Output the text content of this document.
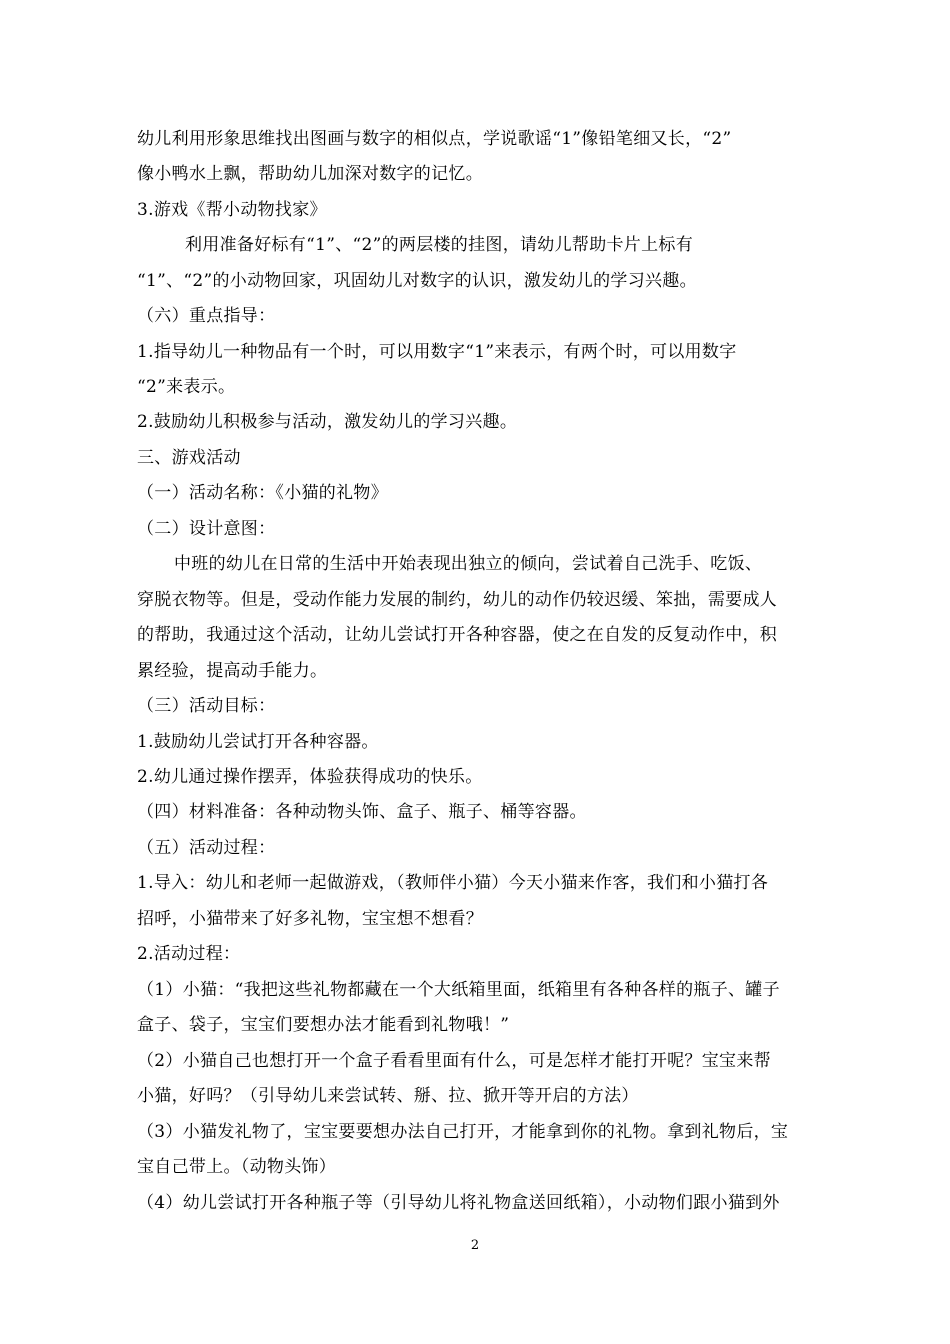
幼儿利用形象思维找出图画与数字的相似点，学说歌谣“1”像铅笔细又长，“2”
像小鸭水上飘，帮助幼儿加深对数字的记忆。
3.游戏《帮小动物找家》
利用准备好标有“1”、“2”的两层楼的挂图，请幼儿帮助卡片上标有
“1”、“2”的小动物回家，巩固幼儿对数字的认识，激发幼儿的学习兴趣。
（六）重点指导：
1.指导幼儿一种物品有一个时，可以用数字“1”来表示，有两个时，可以用数字
“2”来表示。
2.鼓励幼儿积极参与活动，激发幼儿的学习兴趣。
三、游戏活动
（一）活动名称：《小猫的礼物》
（二）设计意图：
中班的幼儿在日常的生活中开始表现出独立的倾向，尝试着自己洗手、吃饭、
穿脱衣物等。但是，受动作能力发展的制约，幼儿的动作仍较迟缓、笨拙，需要成人
的帮助，我通过这个活动，让幼儿尝试打开各种容器，使之在自发的反复动作中，积
累经验，提高动手能力。
（三）活动目标：
1.鼓励幼儿尝试打开各种容器。
2.幼儿通过操作摆弄，体验获得成功的快乐。
（四）材料准备：各种动物头饰、盒子、瓶子、桶等容器。
（五）活动过程：
1.导入：幼儿和老师一起做游戏，（教师伴小猫）今天小猫来作客，我们和小猫打各
招呼，小猫带来了好多礼物，宝宝想不想看？
2.活动过程：
（1）小猫：“我把这些礼物都藏在一个大纸箱里面，纸箱里有各种各样的瓶子、罐子
盒子、袋子，宝宝们要想办法才能看到礼物哦！”
（2）小猫自己也想打开一个盒子看看里面有什么，可是怎样才能打开呢？宝宝来帮
小猫，好吗？（引导幼儿来尝试转、掰、拉、掀开等开启的方法）
（3）小猫发礼物了，宝宝要要想办法自己打开，才能拿到你的礼物。拿到礼物后，宝
宝自己带上。（动物头饰）
（4）幼儿尝试打开各种瓶子等（引导幼儿将礼物盒送回纸箱），小动物们跟小猫到外
2
